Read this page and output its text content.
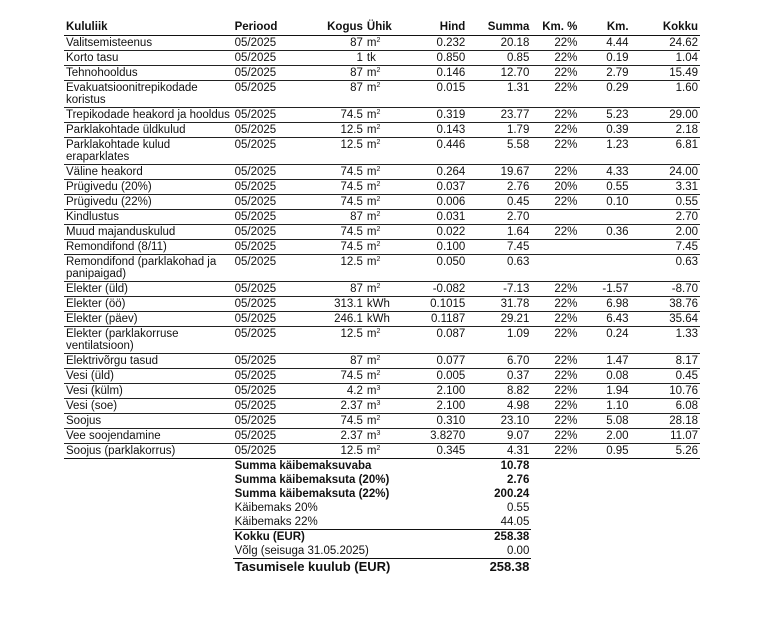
Kululiik	Periood	Kogus	Ühik	Hind	Summa	Km. %	Km.	Kokku
Valitsemisteenus	05/2025	87	$m^2$	0.232	20.18	22%	4.44	24.62
Korto tasu	05/2025	1	tk	0.850	0.85	22%	0.19	1.04
Tehnohooldus	05/2025	87	$m^2$	0.146	12.70	22%	2.79	15.49
Evakuatsioonitrepikodade koristus	05/2025	87	$m^2$	0.015	1.31	22%	0.29	1.60
Trepikodade heakord ja hooldus	05/2025	74.5	$m^2$	0.319	23.77	22%	5.23	29.00
Parklakohtade üldkulud	05/2025	12.5	$m^2$	0.143	1.79	22%	0.39	2.18
Parklakohtade kulud eraparklates	05/2025	12.5	$m^2$	0.446	5.58	22%	1.23	6.81
Väline heakord	05/2025	74.5	$m^2$	0.264	19.67	22%	4.33	24.00
Prügivedu (20%)	05/2025	74.5	$m^2$	0.037	2.76	20%	0.55	3.31
Prügivedu (22%)	05/2025	74.5	$m^2$	0.006	0.45	22%	0.10	0.55
Kindlustus	05/2025	87	$m^2$	0.031	2.70			2.70
Muud majanduskulud	05/2025	74.5	$m^2$	0.022	1.64	22%	0.36	2.00
Remondifond (8/11)	05/2025	74.5	$m^2$	0.100	7.45			7.45
Remondifond (parklakohad ja panipaigad)	05/2025	12.5	$m^2$	0.050	0.63			0.63
Elekter (üld)	05/2025	87	$m^2$	-0.082	-7.13	22%	-1.57	-8.70
Elekter (öö)	05/2025	313.1	kWh	0.1015	31.78	22%	6.98	38.76
Elekter (päev)	05/2025	246.1	kWh	0.1187	29.21	22%	6.43	35.64
Elekter (parklakorruse ventilatsioon)	05/2025	12.5	$m^2$	0.087	1.09	22%	0.24	1.33
Elektrivõrgu tasud	05/2025	87	$m^2$	0.077	6.70	22%	1.47	8.17
Vesi (üld)	05/2025	74.5	$m^2$	0.005	0.37	22%	0.08	0.45
Vesi (külm)	05/2025	4.2	$m^3$	2.100	8.82	22%	1.94	10.76
Vesi (soe)	05/2025	2.37	$m^3$	2.100	4.98	22%	1.10	6.08
Soojus	05/2025	74.5	$m^2$	0.310	23.10	22%	5.08	28.18
Vee soojendamine	05/2025	2.37	$m^3$	3.8270	9.07	22%	2.00	11.07
Soojus (parklakorrus)	05/2025	12.5	$m^2$	0.345	4.31	22%	0.95	5.26
	Summa käibemaksuvaba				10.78			
	Summa käibemaksuta (20%)				2.76			
	Summa käibemaksuta (22%)				200.24			
	Käibemaks 20%				0.55			
	Käibemaks 22%				44.05			
	Kokku (EUR)				258.38			
	Võlg (seisuga 31.05.2025)				0.00			
	Tasumisele kuulub (EUR)				258.38			
